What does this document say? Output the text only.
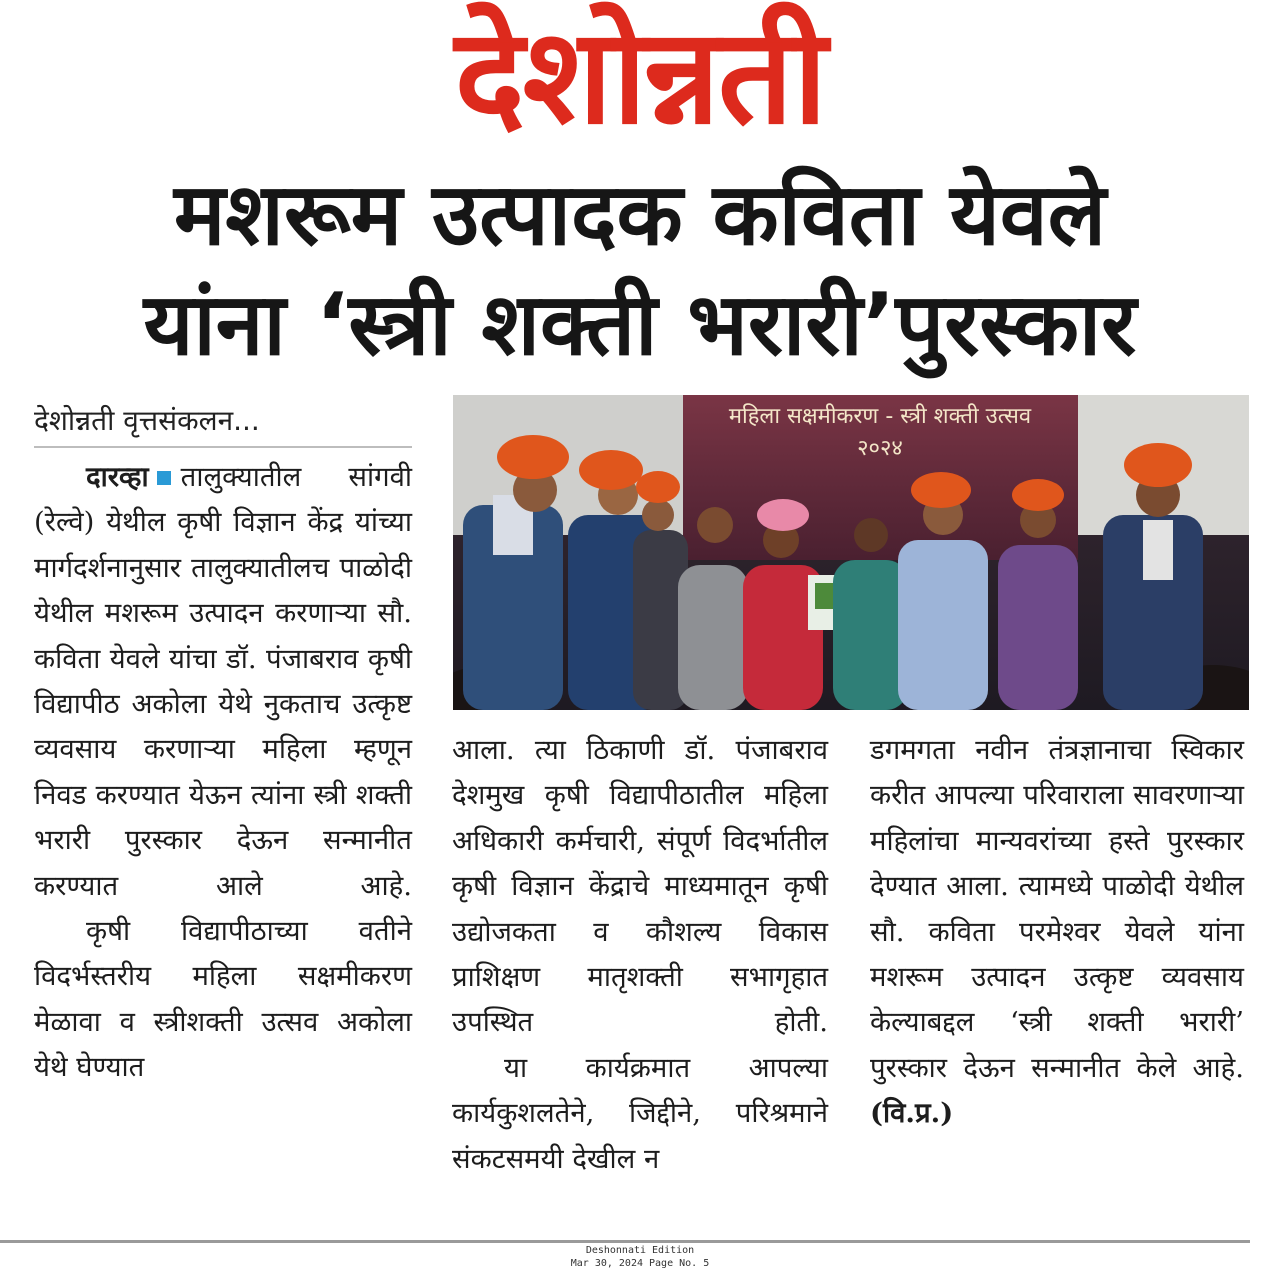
देशोन्नती
मशरूम उत्पादक कविता येवले
यांना ‘स्त्री शक्ती भरारी’पुरस्कार
देशोन्नती वृत्तसंकलन...	महिला सक्षमीकरण - स्त्री शक्ती उत्सव
२०२४

दारव्हा तालुक्यातील सांगवी (रेल्वे) येथील कृषी विज्ञान केंद्र यांच्या मार्गदर्शनानुसार तालुक्यातीलच पाळोदी येथील मशरूम उत्पादन करणाऱ्या सौ. कविता येवले यांचा डॉ. पंजाबराव कृषी विद्यापीठ अकोला येथे नुकताच उत्कृष्ट व्यवसाय करणाऱ्या महिला म्हणून निवड करण्यात येऊन त्यांना स्त्री शक्ती भरारी पुरस्कार देऊन सन्मानीत करण्यात आले आहे.

कृषी विद्यापीठाच्या वतीने विदर्भस्तरीय महिला सक्षमीकरण मेळावा व स्त्रीशक्ती उत्सव अकोला येथे घेण्यात

आला. त्या ठिकाणी डॉ. पंजाबराव देशमुख कृषी विद्यापीठातील महिला अधिकारी कर्मचारी, संपूर्ण विदर्भातील कृषी विज्ञान केंद्राचे माध्यमातून कृषी उद्योजकता व कौशल्य विकास प्राशिक्षण मातृशक्ती सभागृहात उपस्थित होती.

या कार्यक्रमात आपल्या कार्यकुशलतेने, जिद्दीने, परिश्रमाने संकटसमयी देखील न

डगमगता नवीन तंत्रज्ञानाचा स्विकार करीत आपल्या परिवाराला सावरणाऱ्या महिलांचा मान्यवरांच्या हस्ते पुरस्कार देण्यात आला. त्यामध्ये पाळोदी येथील सौ. कविता परमेश्वर येवले यांना मशरूम उत्पादन उत्कृष्ट व्यवसाय केल्याबद्दल ‘स्त्री शक्ती भरारी’ पुरस्कार देऊन सन्मानीत केले आहे. (वि.प्र.)

Deshonnati Edition
Mar 30, 2024 Page No. 5
